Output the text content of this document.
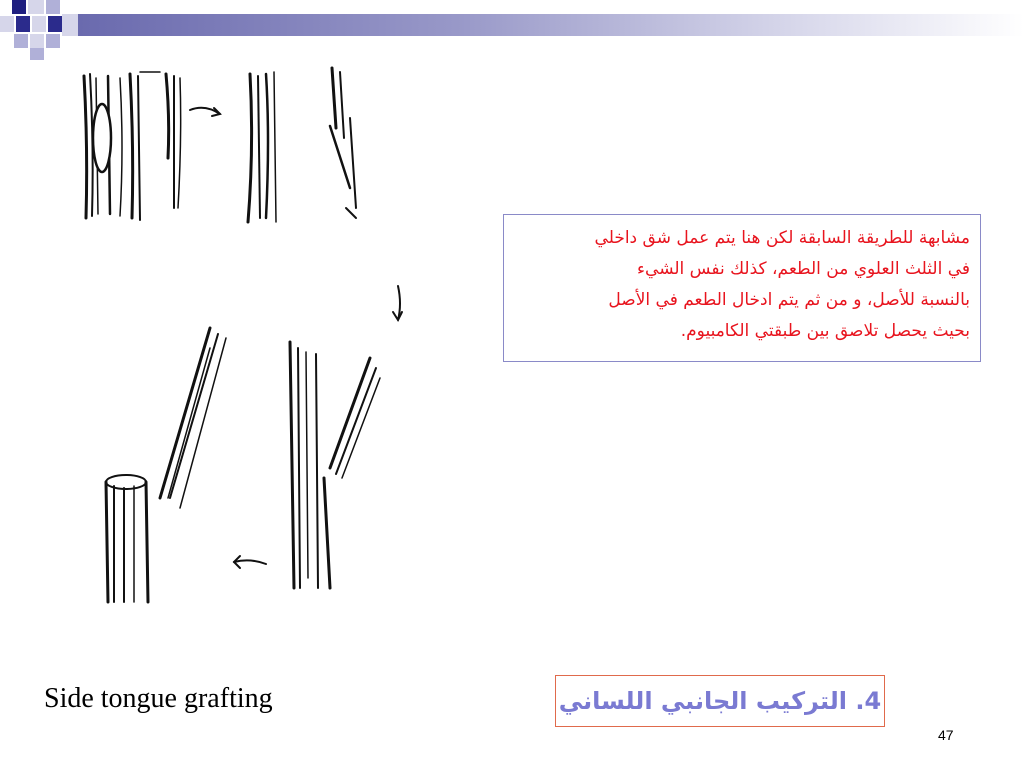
مشابهة للطريقة السابقة لكن هنا يتم عمل شق داخلي
في الثلث العلوي من الطعم، كذلك نفس الشيء
بالنسبة للأصل، و من ثم يتم ادخال الطعم في الأصل
بحيث يحصل تلاصق بين طبقتي الكامبيوم.
Side tongue grafting	4. التركيب الجانبي اللساني
47
